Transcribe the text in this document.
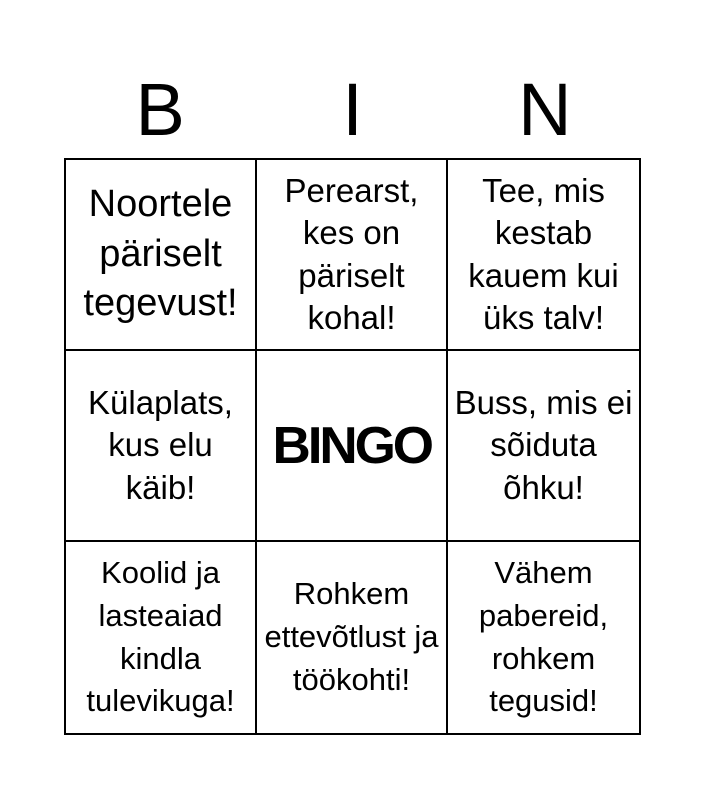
B	I	N
Noortele päriselt tegevust!
Perearst, kes on päriselt kohal!
Tee, mis kestab kauem kui üks talv!
Külaplats, kus elu käib!
BINGO
Buss, mis ei sõiduta õhku!
Koolid ja lasteaiad kindla tulevikuga!
Rohkem ettevõtlust ja töökohti!
Vähem pabereid, rohkem tegusid!
